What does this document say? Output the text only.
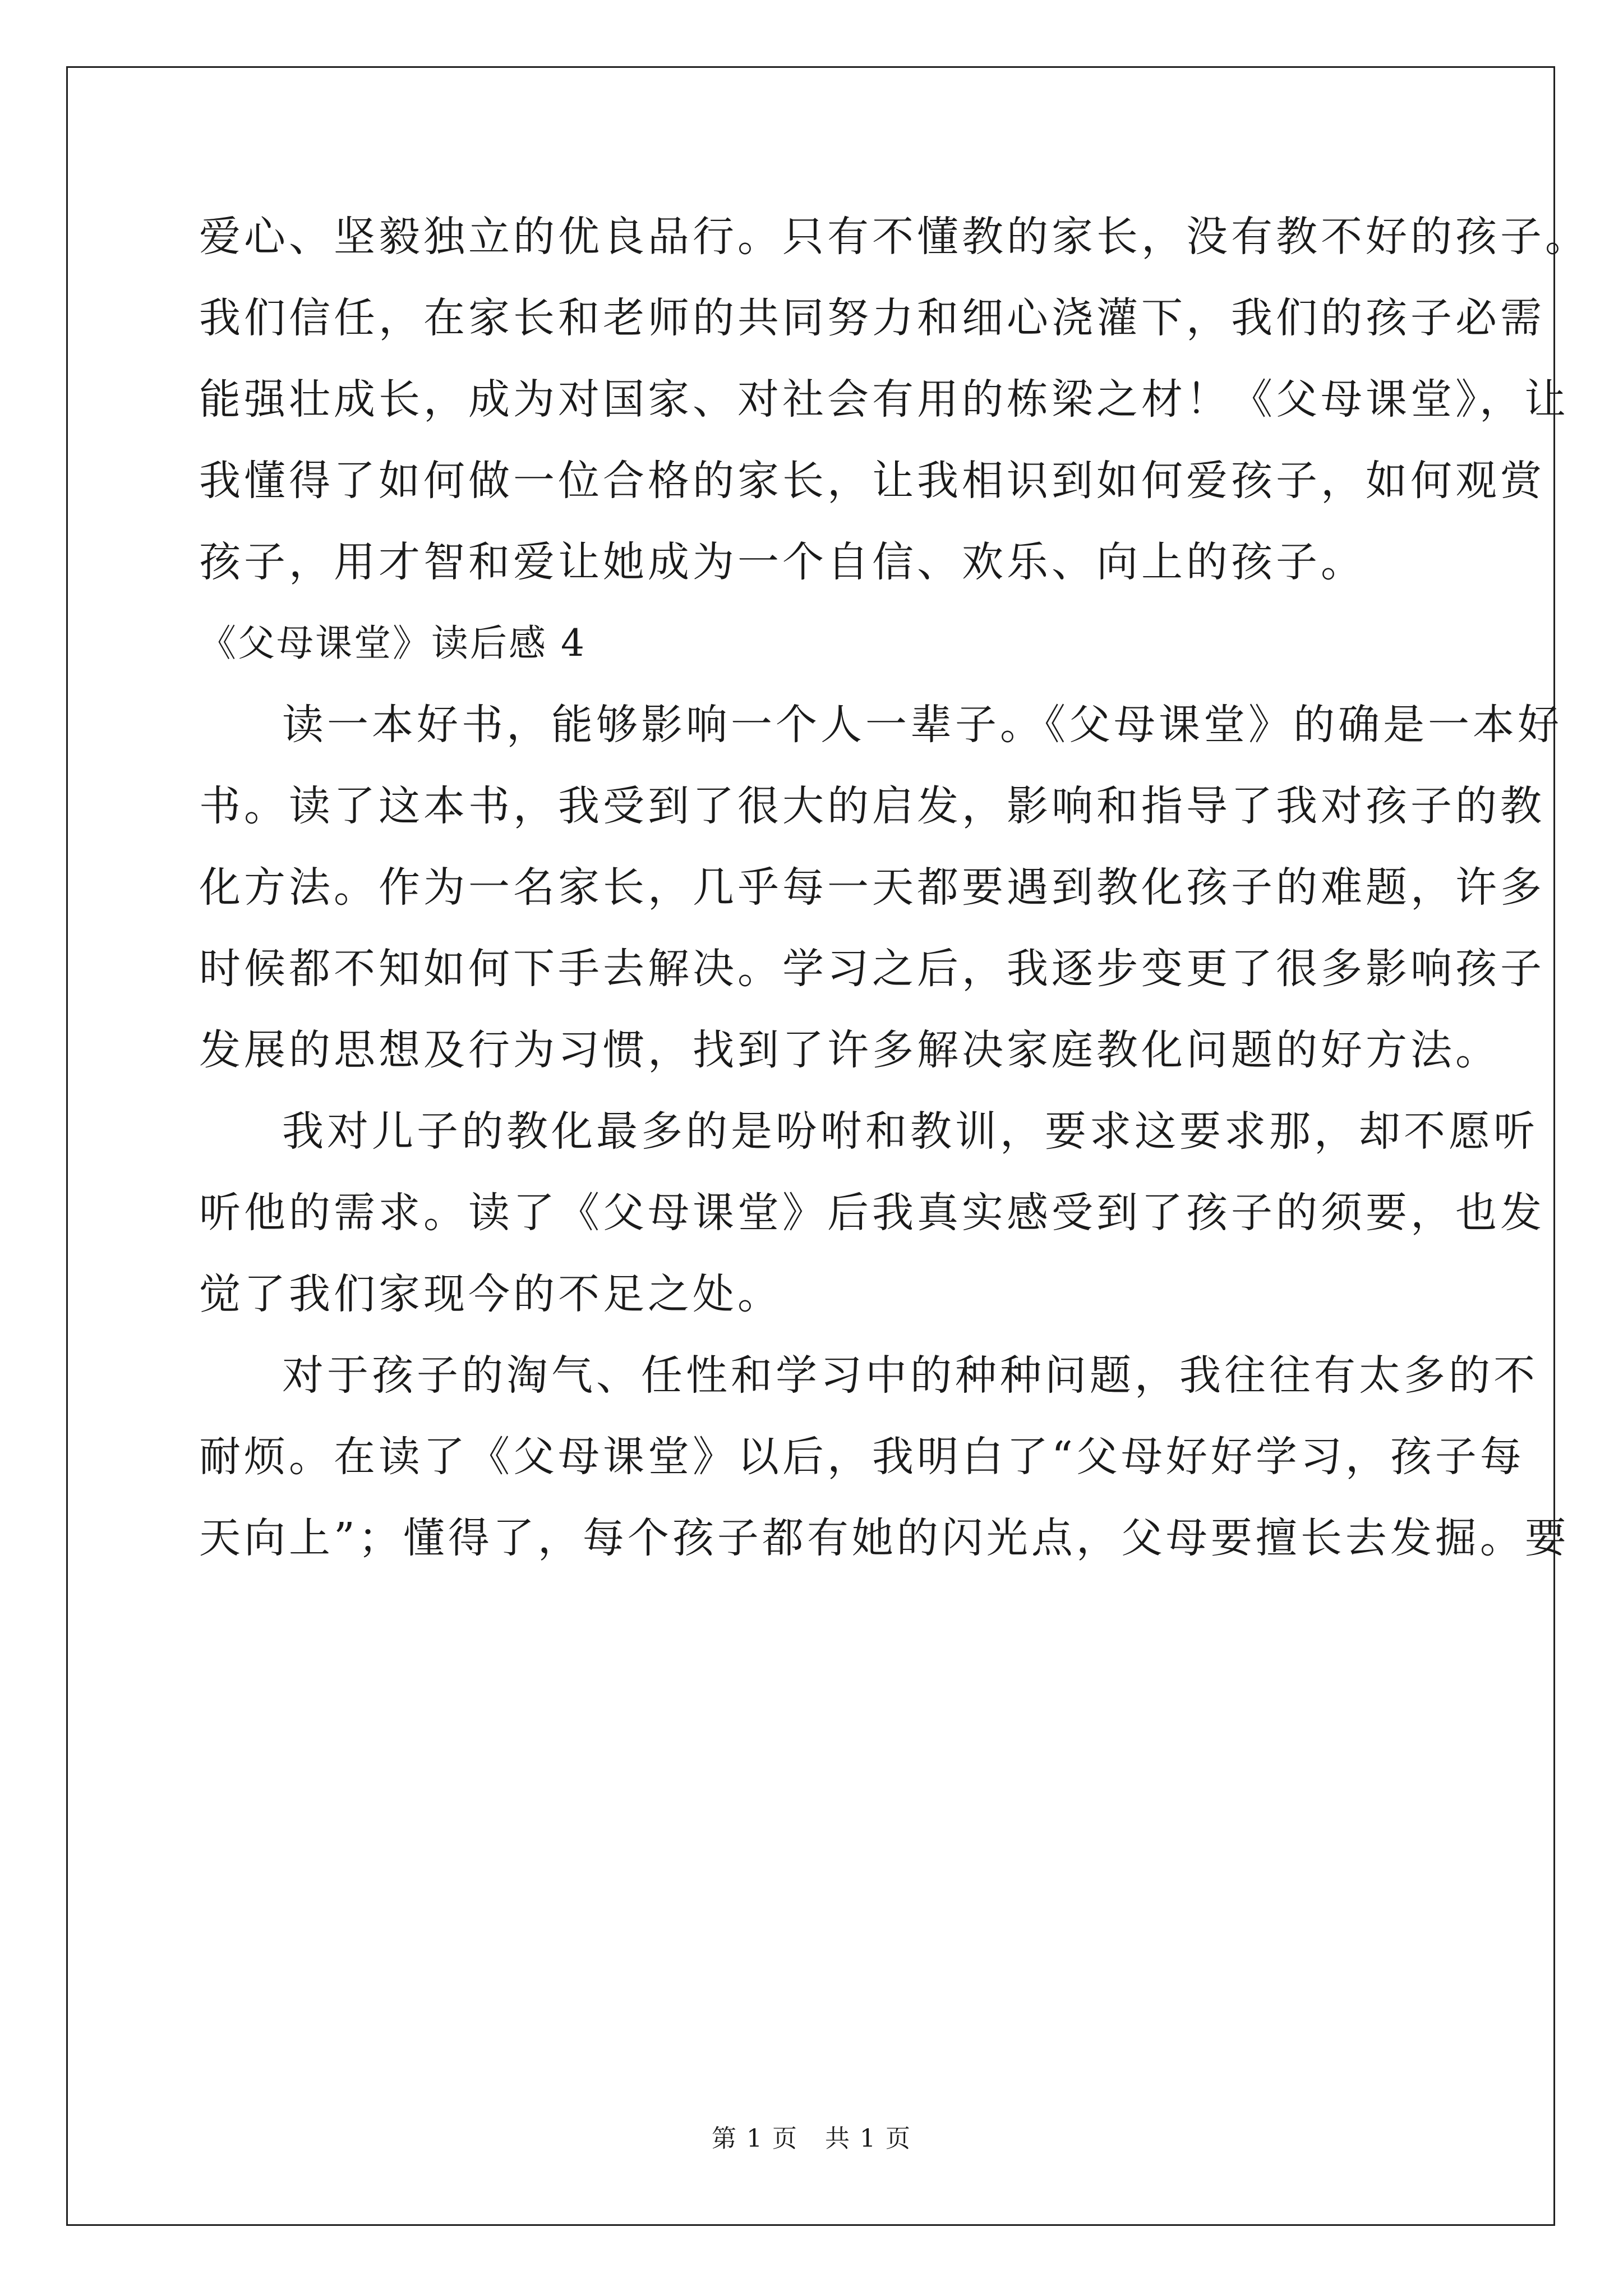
爱心、坚毅独立的优良品行。只有不懂教的家长，没有教不好的孩子。
我们信任，在家长和老师的共同努力和细心浇灌下，我们的孩子必需
能强壮成长，成为对国家、对社会有用的栋梁之材！《父母课堂》，让
我懂得了如何做一位合格的家长，让我相识到如何爱孩子，如何观赏
孩子，用才智和爱让她成为一个自信、欢乐、向上的孩子。
《父母课堂》读后感 4
读一本好书，能够影响一个人一辈子。《父母课堂》的确是一本好
书。读了这本书，我受到了很大的启发，影响和指导了我对孩子的教
化方法。作为一名家长，几乎每一天都要遇到教化孩子的难题，许多
时候都不知如何下手去解决。学习之后，我逐步变更了很多影响孩子
发展的思想及行为习惯，找到了许多解决家庭教化问题的好方法。
我对儿子的教化最多的是吩咐和教训，要求这要求那，却不愿听
听他的需求。读了《父母课堂》后我真实感受到了孩子的须要，也发
觉了我们家现今的不足之处。
对于孩子的淘气、任性和学习中的种种问题，我往往有太多的不
耐烦。在读了《父母课堂》以后，我明白了“父母好好学习，孩子每
天向上”；懂得了，每个孩子都有她的闪光点，父母要擅长去发掘。要
第 1 页 共 1 页
